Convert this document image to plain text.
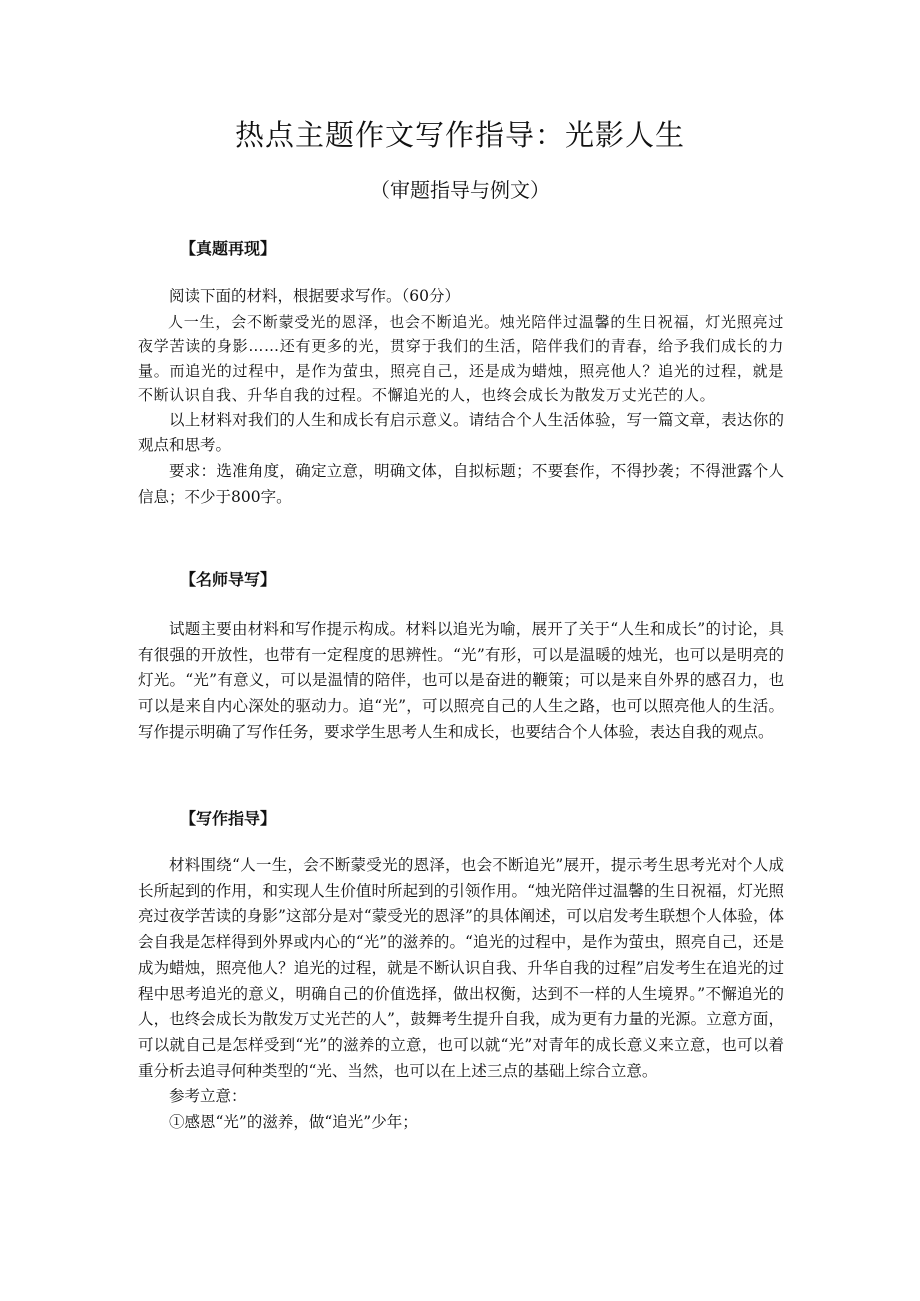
热点主题作文写作指导：光影人生
（审题指导与例文）
【真题再现】

阅读下面的材料，根据要求写作。（60分）

人一生，会不断蒙受光的恩泽，也会不断追光。烛光陪伴过温馨的生日祝福，灯光照亮过夜学苦读的身影……还有更多的光，贯穿于我们的生活，陪伴我们的青春，给予我们成长的力量。而追光的过程中，是作为萤虫，照亮自己，还是成为蜡烛，照亮他人？追光的过程，就是不断认识自我、升华自我的过程。不懈追光的人，也终会成长为散发万丈光芒的人。

以上材料对我们的人生和成长有启示意义。请结合个人生活体验，写一篇文章，表达你的观点和思考。

要求：选准角度，确定立意，明确文体，自拟标题；不要套作，不得抄袭；不得泄露个人信息；不少于800字。

【名师导写】

试题主要由材料和写作提示构成。材料以追光为喻，展开了关于“人生和成长”的讨论，具有很强的开放性，也带有一定程度的思辨性。“光”有形，可以是温暖的烛光，也可以是明亮的灯光。“光”有意义，可以是温情的陪伴，也可以是奋进的鞭策；可以是来自外界的感召力，也可以是来自内心深处的驱动力。追“光”，可以照亮自己的人生之路，也可以照亮他人的生活。写作提示明确了写作任务，要求学生思考人生和成长，也要结合个人体验，表达自我的观点。

【写作指导】

材料围绕“人一生，会不断蒙受光的恩泽，也会不断追光”展开，提示考生思考光对个人成长所起到的作用，和实现人生价值时所起到的引领作用。“烛光陪伴过温馨的生日祝福，灯光照亮过夜学苦读的身影”这部分是对“蒙受光的恩泽”的具体阐述，可以启发考生联想个人体验，体会自我是怎样得到外界或内心的“光”的滋养的。“追光的过程中，是作为萤虫，照亮自己，还是成为蜡烛，照亮他人？追光的过程，就是不断认识自我、升华自我的过程”启发考生在追光的过程中思考追光的意义，明确自己的价值选择，做出权衡，达到不一样的人生境界。”不懈追光的人，也终会成长为散发万丈光芒的人”，鼓舞考生提升自我，成为更有力量的光源。立意方面，可以就自己是怎样受到“光”的滋养的立意，也可以就“光”对青年的成长意义来立意，也可以着重分析去追寻何种类型的“光、当然，也可以在上述三点的基础上综合立意。

参考立意：

①感恩“光”的滋养，做“追光”少年；
